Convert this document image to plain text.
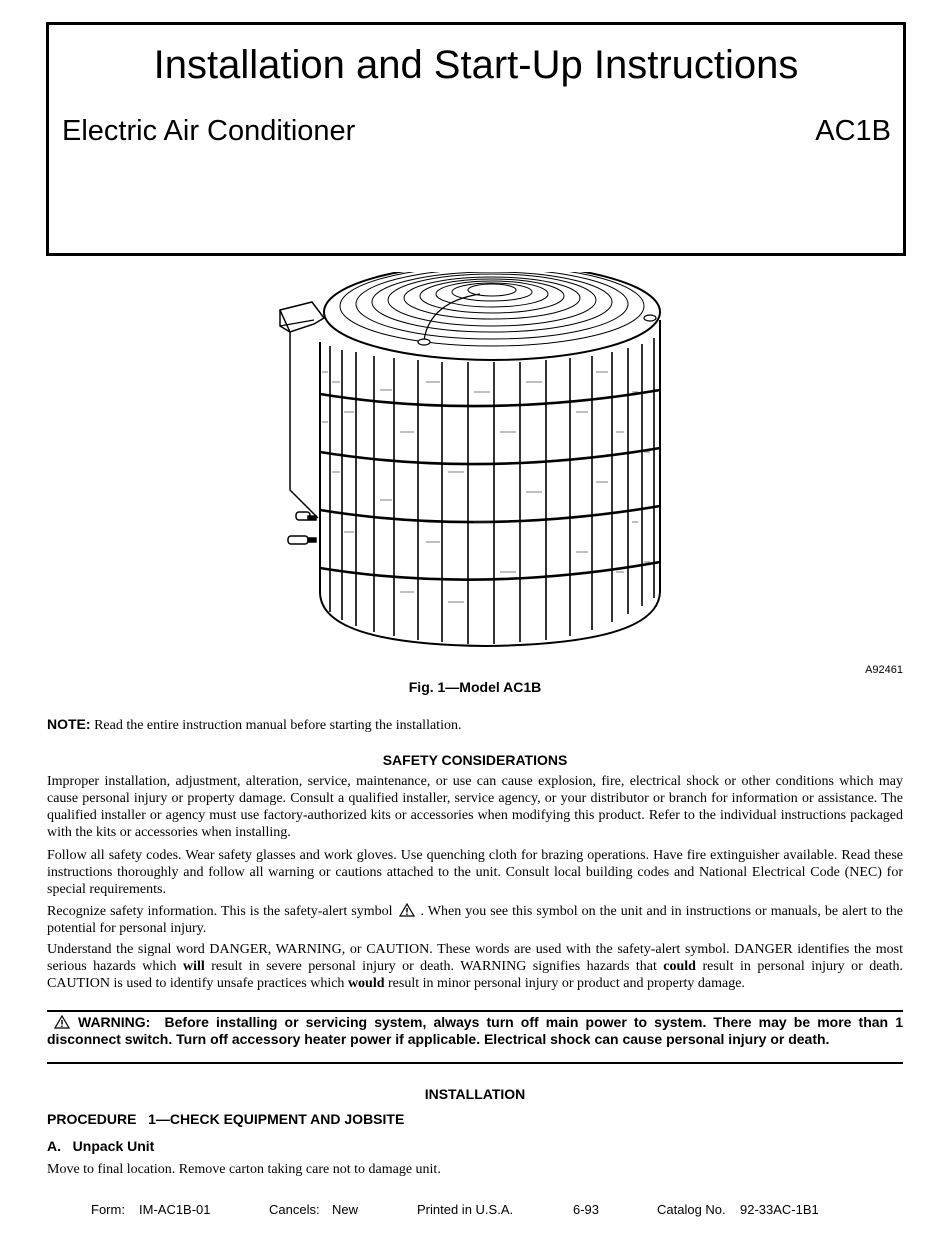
Installation and Start-Up Instructions
Electric Air Conditioner	AC1B
A92461
Fig. 1—Model AC1B
NOTE: Read the entire instruction manual before starting the installation.
SAFETY CONSIDERATIONS
Improper installation, adjustment, alteration, service, maintenance, or use can cause explosion, fire, electrical shock or other conditions which may cause personal injury or property damage. Consult a qualified installer, service agency, or your distributor or branch for information or assistance. The qualified installer or agency must use factory-authorized kits or accessories when modifying this product. Refer to the individual instructions packaged with the kits or accessories when installing.
Follow all safety codes. Wear safety glasses and work gloves. Use quenching cloth for brazing operations. Have fire extinguisher available. Read these instructions thoroughly and follow all warning or cautions attached to the unit. Consult local building codes and National Electrical Code (NEC) for special requirements.
Recognize safety information. This is the safety-alert symbol . When you see this symbol on the unit and in instructions or manuals, be alert to the potential for personal injury.
Understand the signal word DANGER, WARNING, or CAUTION. These words are used with the safety-alert symbol. DANGER identifies the most serious hazards which will result in severe personal injury or death. WARNING signifies hazards that could result in personal injury or death. CAUTION is used to identify unsafe practices which would result in minor personal injury or product and property damage.
WARNING: Before installing or servicing system, always turn off main power to system. There may be more than 1 disconnect switch. Turn off accessory heater power if applicable. Electrical shock can cause personal injury or death.
INSTALLATION
PROCEDURE   1—CHECK EQUIPMENT AND JOBSITE
A.   Unpack Unit
Move to final location. Remove carton taking care not to damage unit.
Form: IM-AC1B-01	Cancels: New	Printed in U.S.A.	6-93	Catalog No. 92-33AC-1B1
